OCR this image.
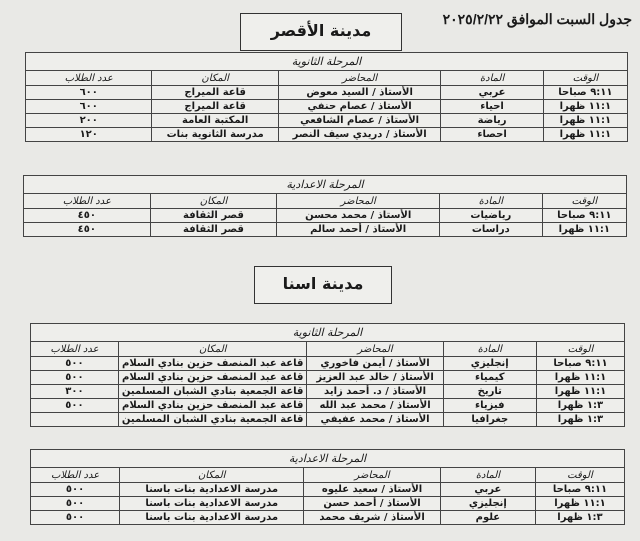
مدينة الأقصر
مدينة اسنا
جدول السبت الموافق ٢٠٢٥/٢/٢٢
المرحلة الثانوية				
الوقت	المادة	المحاضر	المكان	عدد الطلاب
٩:١١ صباحا	عربي	الأستاذ / السيد معوض	قاعة الميراج	٦٠٠
١١:١ ظهرا	احياء	الأستاذ / عصام حنفي	قاعة الميراج	٦٠٠
١١:١ ظهرا	رياضة	الأستاذ / عصام الشافعي	المكتبة العامة	٢٠٠
١١:١ ظهرا	احصاء	الأستاذ / دريدي سيف النصر	مدرسة الثانوية بنات	١٢٠
المرحلة الاعدادية				
الوقت	المادة	المحاضر	المكان	عدد الطلاب
٩:١١ صباحا	رياضيات	الأستاذ / محمد محسن	قصر الثقافة	٤٥٠
١١:١ ظهرا	دراسات	الأستاذ / أحمد سالم	قصر الثقافة	٤٥٠
المرحلة الثانوية				
الوقت	المادة	المحاضر	المكان	عدد الطلاب
٩:١١ صباحا	إنجليزي	الأستاذ / أيمن فاخوري	قاعة عبد المنصف حزين بنادي السلام	٥٠٠
١١:١ ظهرا	كيمياء	الأستاذ / خالد عبد العزيز	قاعة عبد المنصف حزين بنادي السلام	٥٠٠
١١:١ ظهرا	تاريخ	الأستاذ / د. أحمد زايد	قاعة الجمعية بنادي الشبان المسلمين	٣٠٠
١:٣ ظهرا	فيزياء	الأستاذ / محمد عبد الله	قاعة عبد المنصف حزين بنادي السلام	٥٠٠
١:٣ ظهرا	جغرافيا	الأستاذ / محمد عفيفي	قاعة الجمعية بنادي الشبان المسلمين	
المرحلة الاعدادية				
الوقت	المادة	المحاضر	المكان	عدد الطلاب
٩:١١ صباحا	عربي	الأستاذ / سعيد عليوه	مدرسة الاعدادية بنات باسنا	٥٠٠
١١:١ ظهرا	إنجليزي	الأستاذ / أحمد حسن	مدرسة الاعدادية بنات باسنا	٥٠٠
١:٣ ظهرا	علوم	الأستاذ / شريف محمد	مدرسة الاعدادية بنات باسنا	٥٠٠
